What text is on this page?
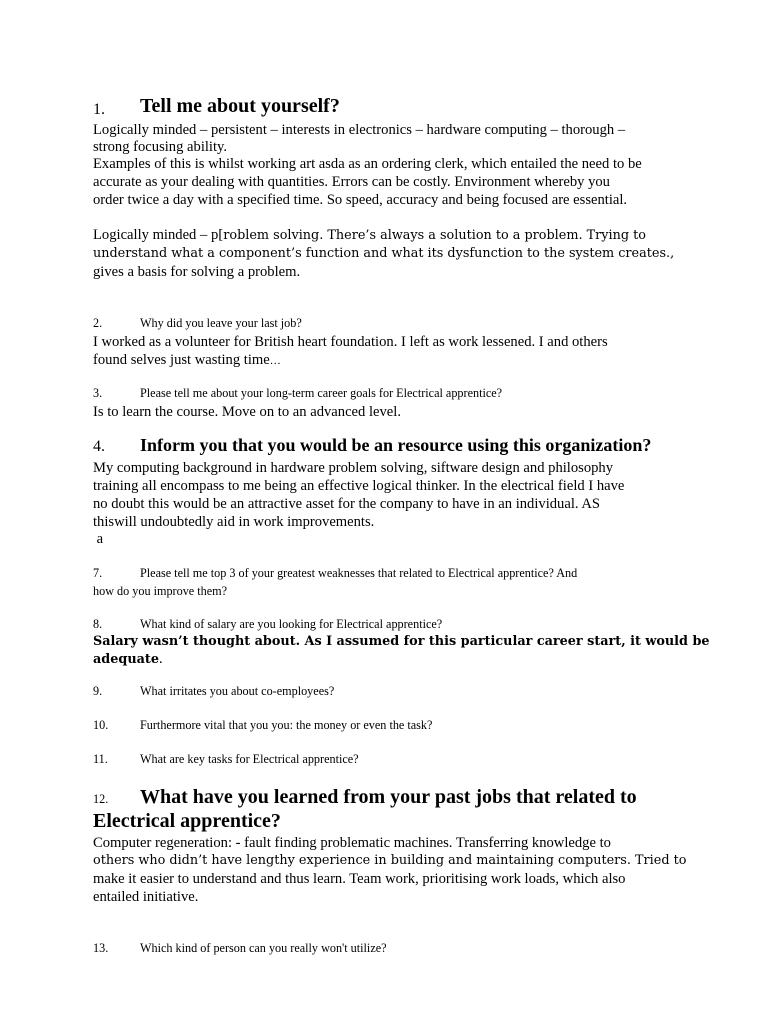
1. Tell me about yourself?
Logically minded – persistent – interests in electronics – hardware computing – thorough –
strong focusing ability.
Examples of this is whilst working art asda as an ordering clerk, which entailed the need to be
accurate as your dealing with quantities. Errors can be costly. Environment whereby you
order twice a day with a specified time. So speed, accuracy and being focused are essential.
Logically minded – p[roblem solving. There’s always a solution to a problem. Trying to
understand what a component’s function and what its dysfunction to the system creates.,
gives a basis for solving a problem.
2.	Why did you leave your last job?
I worked as a volunteer for British heart foundation. I left as work lessened. I and others
found selves just wasting time…
3.	Please tell me about your long-term career goals for Electrical apprentice?
Is to learn the course. Move on to an advanced level.
4. Inform you that you would be an resource using this organization?
My computing background in hardware problem solving, siftware design and philosophy
training all encompass to me being an effective logical thinker. In the electrical field I have
no doubt this would be an attractive asset for the company to have in an individual. AS
thiswill undoubtedly aid in work improvements.
a
7.	Please tell me top 3 of your greatest weaknesses that related to Electrical apprentice? And
how do you improve them?
8.	What kind of salary are you looking for Electrical apprentice?
Salary wasn’t thought about. As I assumed for this particular career start, it would be
adequate.
9.	What irritates you about co-employees?
10.	Furthermore vital that you you: the money or even the task?
11.	What are key tasks for Electrical apprentice?
12. What have you learned from your past jobs that related to
Electrical apprentice?
Computer regeneration: - fault finding problematic machines. Transferring knowledge to
others who didn’t have lengthy experience in building and maintaining computers. Tried to
make it easier to understand and thus learn. Team work, prioritising work loads, which also
entailed initiative.
13.	Which kind of person can you really won't utilize?
